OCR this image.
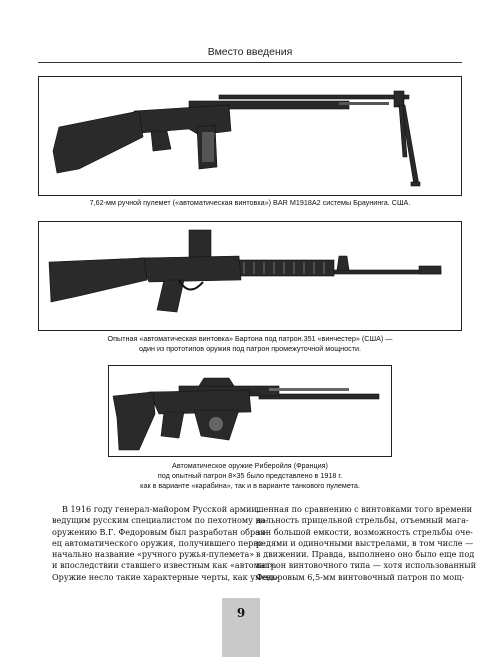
Вместо введения
7,62-мм ручной пулемет («автоматическая винтовка») BAR M1918A2 системы Браунинга. США.
Опытная «автоматическая винтовка» Бартона под патрон.351 «винчестер» (США) —
один из прототипов оружия под патрон промежуточной мощности.
Автоматическое оружие Риберойля (Франция)
под опытный патрон 8×35 было представлено в 1918 г.
как в варианте «карабина», так и в варианте танкового пулемета.
В 1916 году генерал-майором Русской армии,
ведущим русским специалистом по пехотному во-
оружению В.Г. Федоровым был разработан образ-
ец автоматического оружия, получившего перво-
начально название «ручного ружья-пулемета»
и впоследствии ставшего известным как «автомат».
Оружие несло такие характерные черты, как умень-
шенная по сравнению с винтовками того времени
дальность прицельной стрельбы, отъемный мага-
зин большой емкости, возможность стрельбы оче-
редями и одиночными выстрелами, в том числе —
в движении. Правда, выполнено оно было еще под
патрон винтовочного типа — хотя использованный
Федоровым 6,5-мм винтовочный патрон по мощ-
9
